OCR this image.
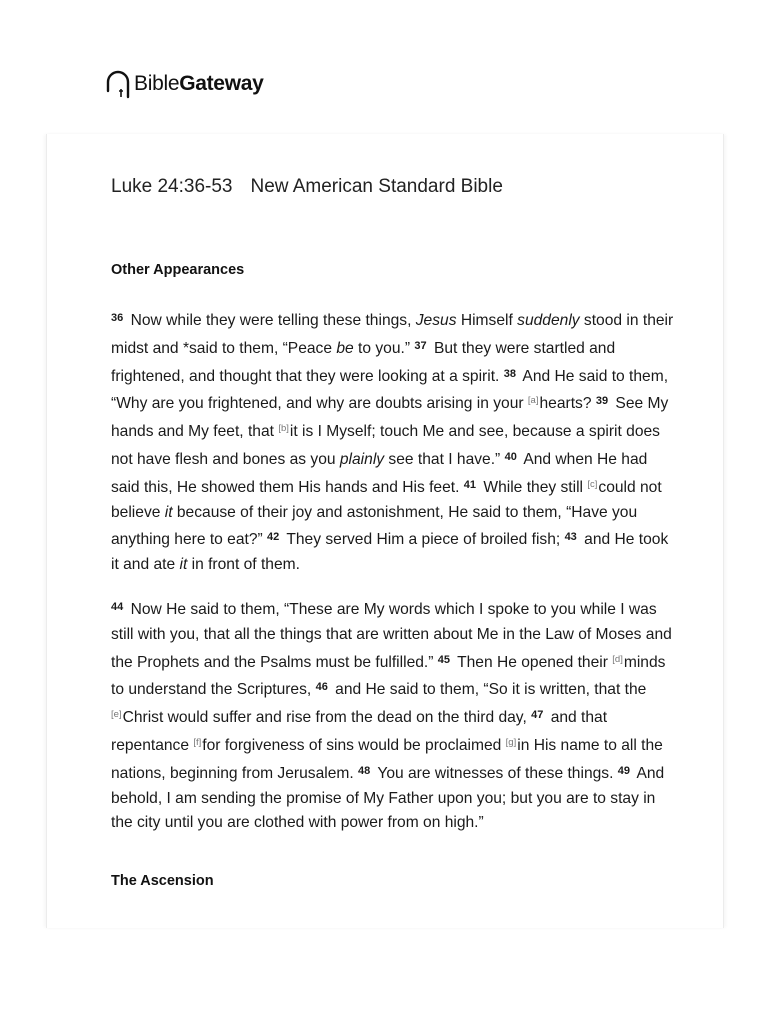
BibleGateway
Luke 24:36-53 New American Standard Bible
Other Appearances

$^{36}$ Now while they were telling these things, Jesus Himself suddenly stood in their midst and *said to them, “Peace be to you.” $^{37}$ But they were startled and frightened, and thought that they were looking at a spirit. $^{38}$ And He said to them, “Why are you frightened, and why are doubts arising in your [a]hearts? $^{39}$ See My hands and My feet, that [b]it is I Myself; touch Me and see, because a spirit does not have flesh and bones as you plainly see that I have.” $^{40}$ And when He had said this, He showed them His hands and His feet. $^{41}$ While they still [c]could not believe it because of their joy and astonishment, He said to them, “Have you anything here to eat?” $^{42}$ They served Him a piece of broiled fish; $^{43}$ and He took it and ate it in front of them.

$^{44}$ Now He said to them, “These are My words which I spoke to you while I was still with you, that all the things that are written about Me in the Law of Moses and the Prophets and the Psalms must be fulfilled.” $^{45}$ Then He opened their [d]minds to understand the Scriptures, $^{46}$ and He said to them, “So it is written, that the [e]Christ would suffer and rise from the dead on the third day, $^{47}$ and that repentance [f]for forgiveness of sins would be proclaimed [g]in His name to all the nations, beginning from Jerusalem. $^{48}$ You are witnesses of these things. $^{49}$ And behold, I am sending the promise of My Father upon you; but you are to stay in the city until you are clothed with power from on high.”

The Ascension
